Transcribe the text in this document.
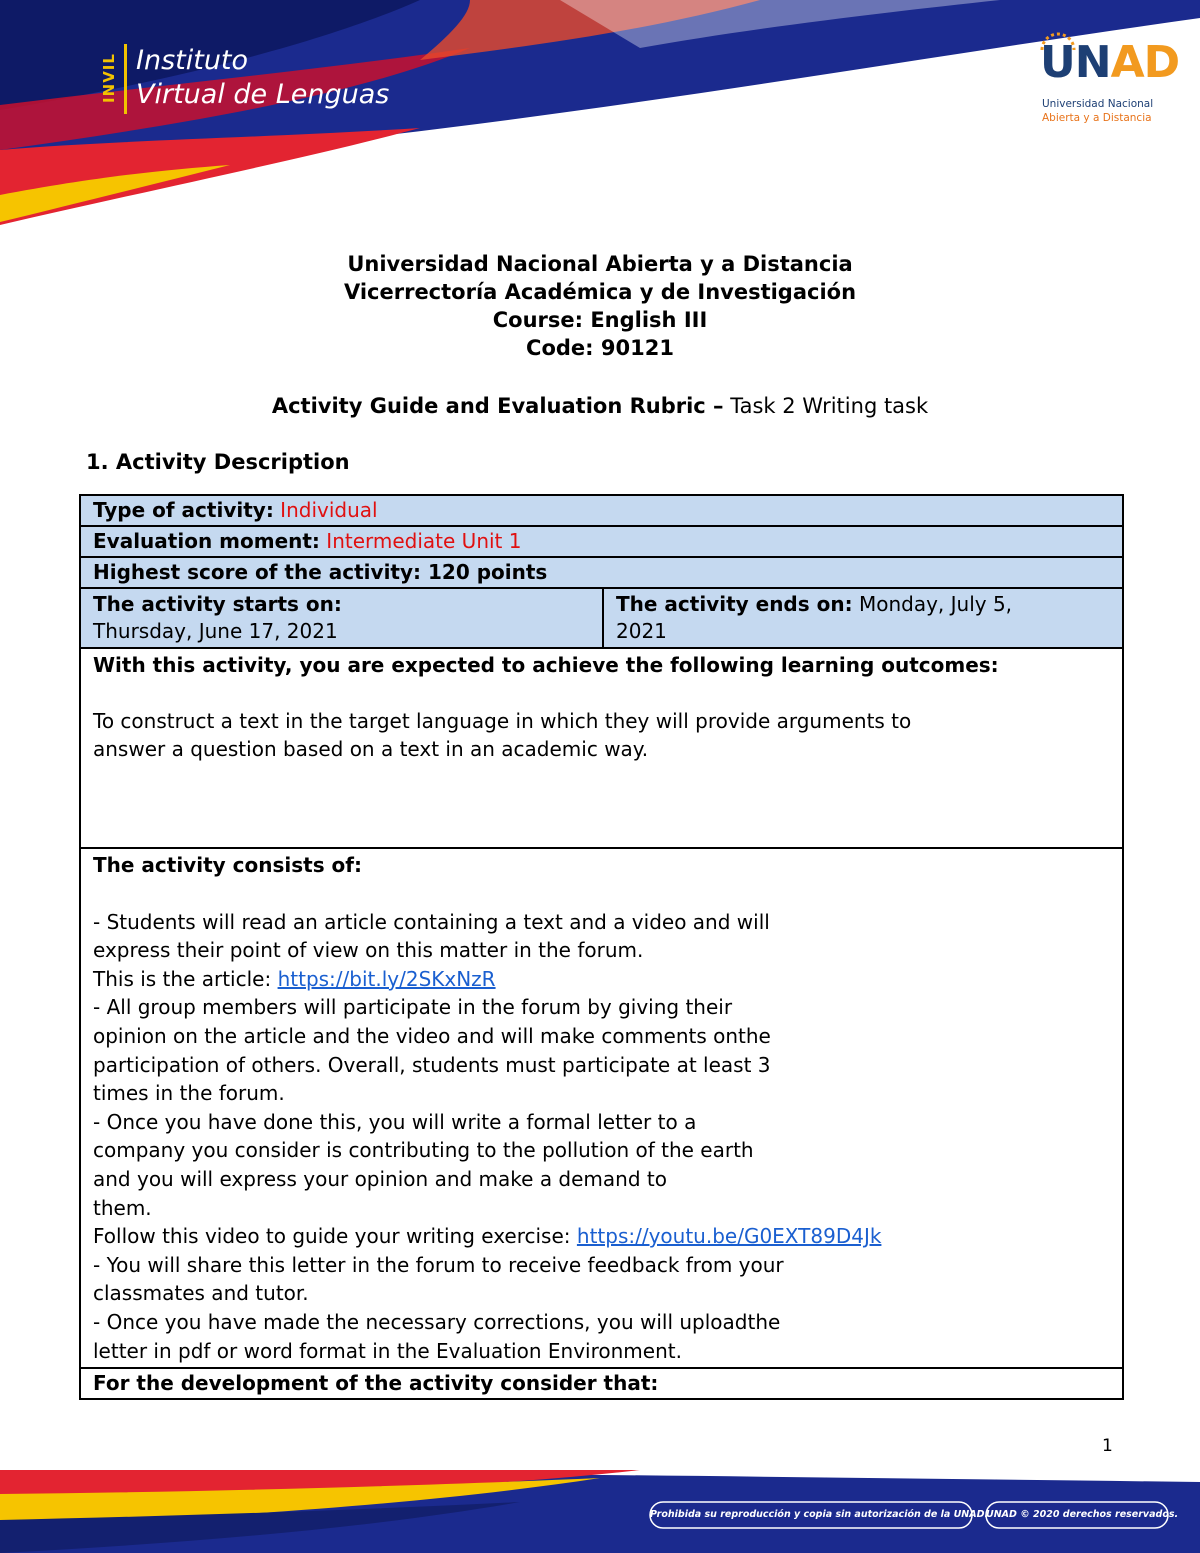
INVIL Instituto
Virtual de Lenguas
UNAD
Universidad Nacional
Abierta y a Distancia
Universidad Nacional Abierta y a Distancia
Vicerrectoría Académica y de Investigación
Course: English III
Code: 90121
Activity Guide and Evaluation Rubric – Task 2 Writing task
1. Activity Description
Type of activity: Individual
Evaluation moment: Intermediate Unit 1
Highest score of the activity: 120 points

The activity starts on:
Thursday, June 17, 2021

The activity ends on: Monday, July 5,
2021

With this activity, you are expected to achieve the following learning outcomes:
To construct a text in the target language in which they will provide arguments to answer a question based on a text in an academic way.

The activity consists of:
- Students will read an article containing a text and a video and will
express their point of view on this matter in the forum.
This is the article: https://bit.ly/2SKxNzR
- All group members will participate in the forum by giving their
opinion on the article and the video and will make comments onthe
participation of others. Overall, students must participate at least 3
times in the forum.
- Once you have done this, you will write a formal letter to a
company you consider is contributing to the pollution of the earth
and you will express your opinion and make a demand to
them.
Follow this video to guide your writing exercise: https://youtu.be/G0EXT89D4Jk
- You will share this letter in the forum to receive feedback from your
classmates and tutor.
- Once you have made the necessary corrections, you will uploadthe
letter in pdf or word format in the Evaluation Environment.

For the development of the activity consider that:
1
Prohibida su reproducción y copia sin autorización de la UNAD.
UNAD © 2020 derechos reservados.
